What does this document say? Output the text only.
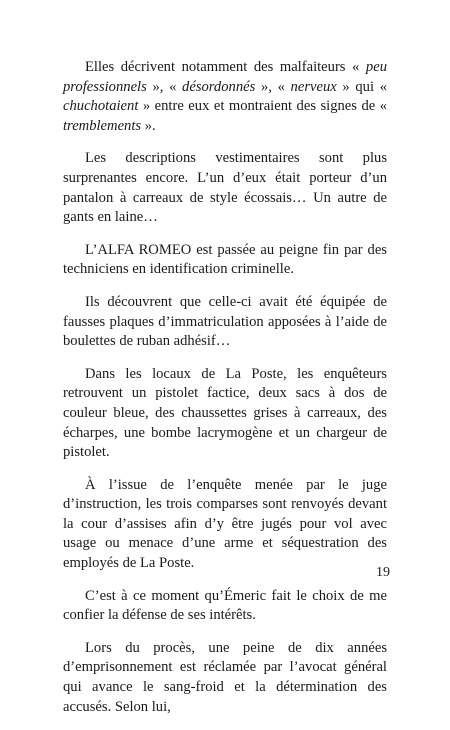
Elles décrivent notamment des malfaiteurs « peu professionnels », « désordonnés », « nerveux » qui « chuchotaient » entre eux et montraient des signes de « tremblements ».

Les descriptions vestimentaires sont plus surprenantes encore. L’un d’eux était porteur d’un pantalon à carreaux de style écossais… Un autre de gants en laine…

L’ALFA ROMEO est passée au peigne fin par des techniciens en identification criminelle.

Ils découvrent que celle-ci avait été équipée de fausses plaques d’immatriculation apposées à l’aide de boulettes de ruban adhésif…

Dans les locaux de La Poste, les enquêteurs retrouvent un pistolet factice, deux sacs à dos de couleur bleue, des chaussettes grises à carreaux, des écharpes, une bombe lacrymogène et un chargeur de pistolet.

À l’issue de l’enquête menée par le juge d’instruction, les trois comparses sont renvoyés devant la cour d’assises afin d’y être jugés pour vol avec usage ou menace d’une arme et séquestration des employés de La Poste.

C’est à ce moment qu’Émeric fait le choix de me confier la défense de ses intérêts.

Lors du procès, une peine de dix années d’emprisonnement est réclamée par l’avocat général qui avance le sang-froid et la détermination des accusés. Selon lui,

19
